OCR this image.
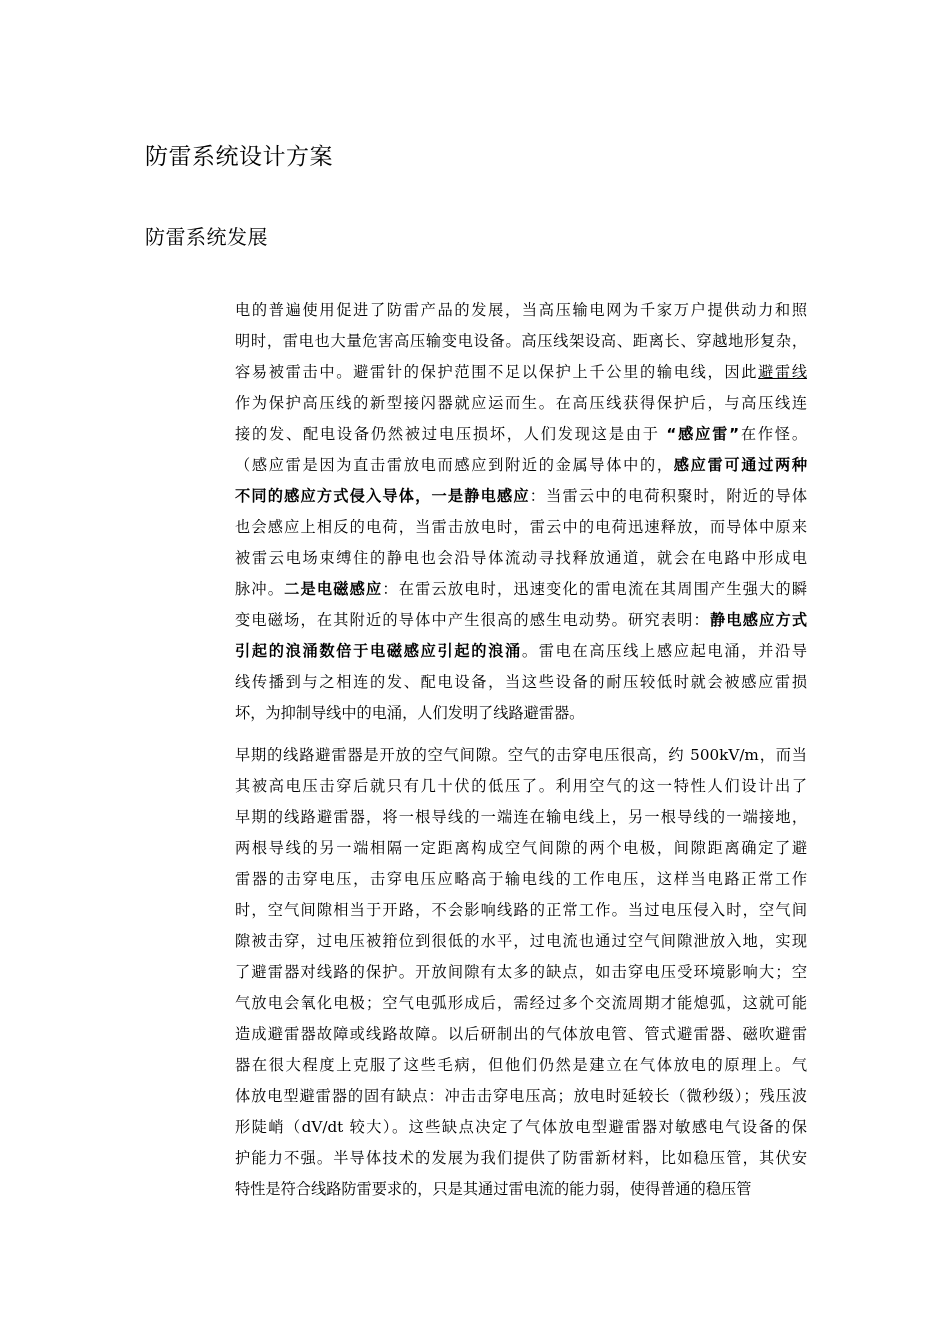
防雷系统设计方案
防雷系统发展

电的普遍使用促进了防雷产品的发展，当高压输电网为千家万户提供动力和照
明时，雷电也大量危害高压输变电设备。高压线架设高、距离长、穿越地形复杂，
容易被雷击中。避雷针的保护范围不足以保护上千公里的输电线，因此避雷线
作为保护高压线的新型接闪器就应运而生。在高压线获得保护后，与高压线连
接的发、配电设备仍然被过电压损坏，人们发现这是由于 “感应雷”在作怪。
（感应雷是因为直击雷放电而感应到附近的金属导体中的，感应雷可通过两种
不同的感应方式侵入导体，一是静电感应：当雷云中的电荷积聚时，附近的导体
也会感应上相反的电荷，当雷击放电时，雷云中的电荷迅速释放，而导体中原来
被雷云电场束缚住的静电也会沿导体流动寻找释放通道，就会在电路中形成电
脉冲。二是电磁感应：在雷云放电时，迅速变化的雷电流在其周围产生强大的瞬
变电磁场，在其附近的导体中产生很高的感生电动势。研究表明：静电感应方式
引起的浪涌数倍于电磁感应引起的浪涌。雷电在高压线上感应起电涌，并沿导
线传播到与之相连的发、配电设备，当这些设备的耐压较低时就会被感应雷损
坏，为抑制导线中的电涌，人们发明了线路避雷器。

早期的线路避雷器是开放的空气间隙。空气的击穿电压很高，约 500kV/m，而当
其被高电压击穿后就只有几十伏的低压了。利用空气的这一特性人们设计出了
早期的线路避雷器，将一根导线的一端连在输电线上，另一根导线的一端接地，
两根导线的另一端相隔一定距离构成空气间隙的两个电极，间隙距离确定了避
雷器的击穿电压，击穿电压应略高于输电线的工作电压，这样当电路正常工作
时，空气间隙相当于开路，不会影响线路的正常工作。当过电压侵入时，空气间
隙被击穿，过电压被箝位到很低的水平，过电流也通过空气间隙泄放入地，实现
了避雷器对线路的保护。开放间隙有太多的缺点，如击穿电压受环境影响大；空
气放电会氧化电极；空气电弧形成后，需经过多个交流周期才能熄弧，这就可能
造成避雷器故障或线路故障。以后研制出的气体放电管、管式避雷器、磁吹避雷
器在很大程度上克服了这些毛病，但他们仍然是建立在气体放电的原理上。气
体放电型避雷器的固有缺点：冲击击穿电压高；放电时延较长（微秒级）；残压波
形陡峭（dV/dt 较大）。这些缺点决定了气体放电型避雷器对敏感电气设备的保
护能力不强。半导体技术的发展为我们提供了防雷新材料，比如稳压管，其伏安
特性是符合线路防雷要求的，只是其通过雷电流的能力弱，使得普通的稳压管
